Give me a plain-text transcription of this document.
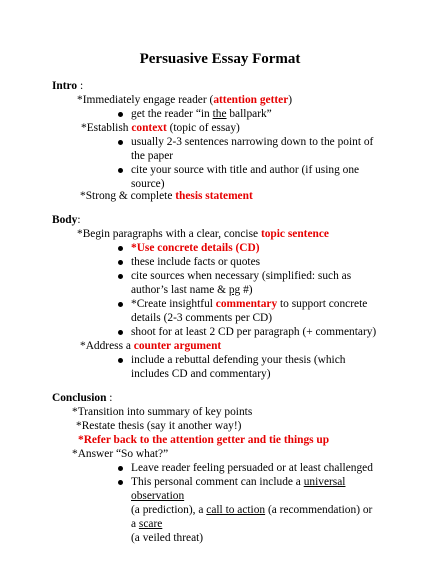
Persuasive Essay Format
Intro :
*Immediately engage reader (attention getter)
get the reader “in the ballpark”
*Establish context (topic of essay)
usually 2-3 sentences narrowing down to the point of
the paper
cite your source with title and author (if using one
source)
*Strong & complete thesis statement
Body:
*Begin paragraphs with a clear, concise topic sentence
*Use concrete details (CD)
these include facts or quotes
cite sources when necessary (simplified: such as
author’s last name & pg #)
*Create insightful commentary to support concrete
details (2-3 comments per CD)
shoot for at least 2 CD per paragraph (+ commentary)
*Address a counter argument
include a rebuttal defending your thesis (which
includes CD and commentary)
Conclusion :
*Transition into summary of key points
*Restate thesis (say it another way!)
*Refer back to the attention getter and tie things up
*Answer “So what?”
Leave reader feeling persuaded or at least challenged
This personal comment can include a universal
observation
(a prediction), a call to action (a recommendation) or
a scare
(a veiled threat)
